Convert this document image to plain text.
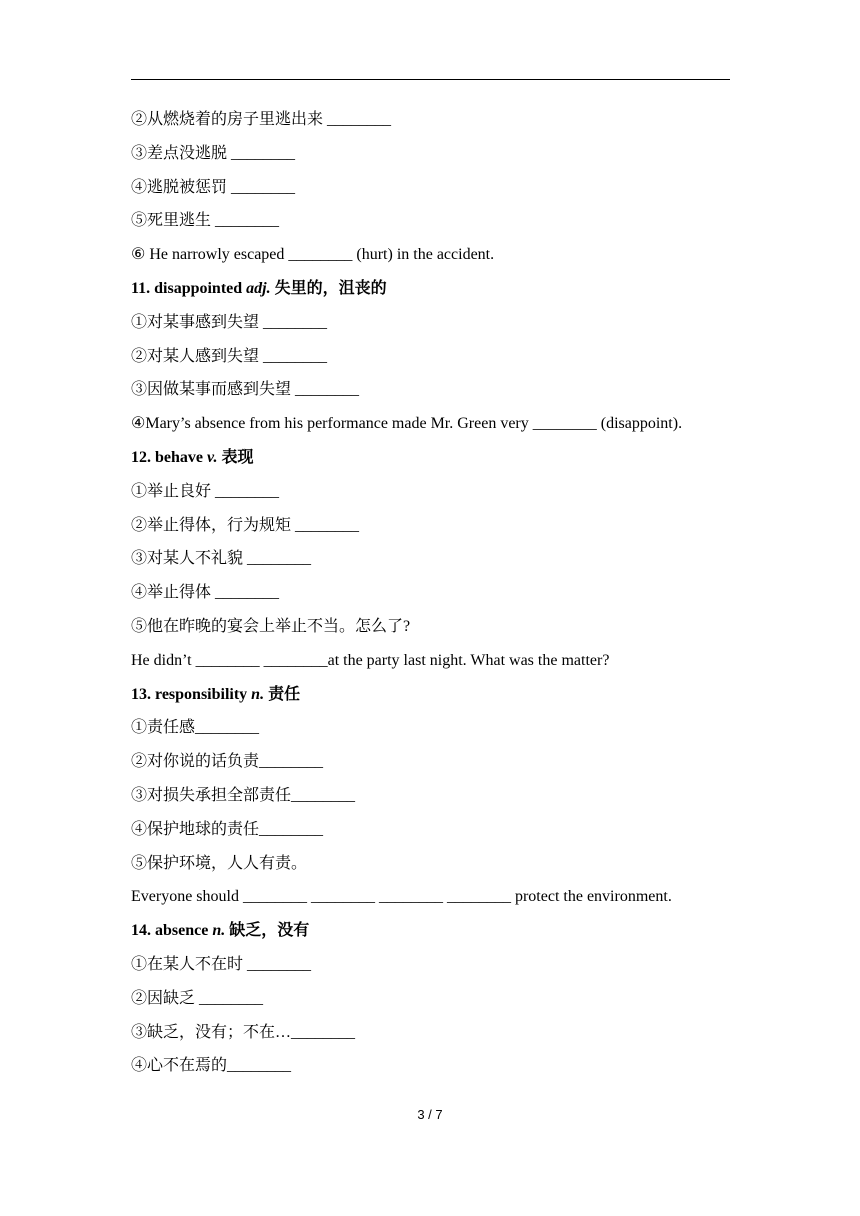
②从燃烧着的房子里逃出来 ________
③差点没逃脱 ________
④逃脱被惩罚 ________
⑤死里逃生 ________
⑥ He narrowly escaped ________ (hurt) in the accident.
11. disappointed adj. 失里的，沮丧的
①对某事感到失望 ________
②对某人感到失望 ________
③因做某事而感到失望 ________
④Mary’s absence from his performance made Mr. Green very ________ (disappoint).
12. behave v. 表现
①举止良好 ________
②举止得体，行为规矩 ________
③对某人不礼貌 ________
④举止得体 ________
⑤他在昨晚的宴会上举止不当。怎么了?
He didn’t ________ ________at the party last night. What was the matter?
13. responsibility n. 责任
①责任感________
②对你说的话负责________
③对损失承担全部责任________
④保护地球的责任________
⑤保护环境，人人有责。
Everyone should ________ ________ ________ ________ protect the environment.
14. absence n. 缺乏，没有
①在某人不在时 ________
②因缺乏 ________
③缺乏，没有；不在…________
④心不在焉的________
3 / 7
